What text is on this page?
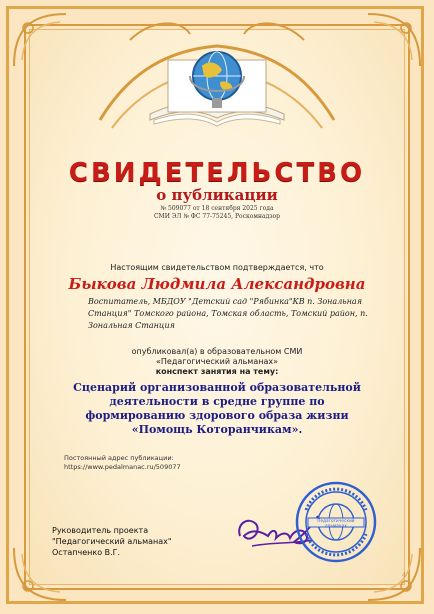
СВИДЕТЕЛЬСТВО
о публикации
№ 509077 от 18 сентября 2025 года
СМИ ЭЛ № ФС 77-75245, Роскомнадзор
Настоящим свидетельством подтверждается, что
Быкова Людмила Александровна
Воспитатель, МБДОУ "Детский сад "Рябинка"КВ п. Зональная Станция" Томского района, Томская область, Томский район, п. Зональная Станция
опубликовал(а) в образовательном СМИ
«Педагогический альманах»
конспект занятия на тему:
Сценарий организованной образовательной деятельности в средне группе по формированию здорового образа жизни «Помощь Которанчикам».
Постоянный адрес публикации:
https://www.pedalmanac.ru/509077
Руководитель проекта
"Педагогический альманах"
Остапченко В.Г.
Педагогический альманах
4
